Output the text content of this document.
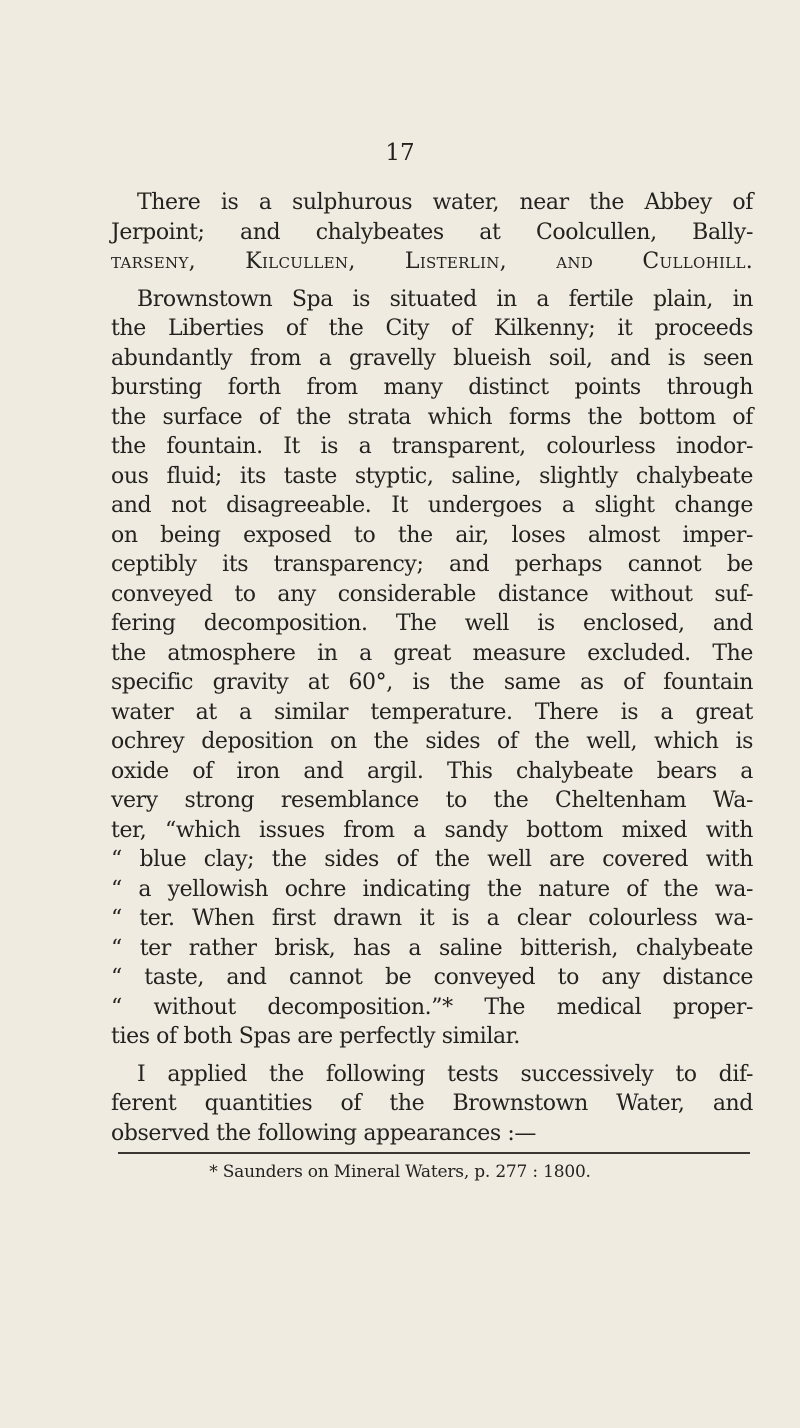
17
There is a sulphurous water, near the Abbey of
Jerpoint; and chalybeates at Coolcullen, Bally-
tarseny, Kilcullen, Listerlin, and Cullohill.
Brownstown Spa is situated in a fertile plain, in
the Liberties of the City of Kilkenny; it proceeds
abundantly from a gravelly blueish soil, and is seen
bursting forth from many distinct points through
the surface of the strata which forms the bottom of
the fountain. It is a transparent, colourless inodor-
ous fluid; its taste styptic, saline, slightly chalybeate
and not disagreeable. It undergoes a slight change
on being exposed to the air, loses almost imper-
ceptibly its transparency; and perhaps cannot be
conveyed to any considerable distance without suf-
fering decomposition. The well is enclosed, and
the atmosphere in a great measure excluded. The
specific gravity at 60°, is the same as of fountain
water at a similar temperature. There is a great
ochrey deposition on the sides of the well, which is
oxide of iron and argil. This chalybeate bears a
very strong resemblance to the Cheltenham Wa-
ter, “which issues from a sandy bottom mixed with
“ blue clay; the sides of the well are covered with
“ a yellowish ochre indicating the nature of the wa-
“ ter. When first drawn it is a clear colourless wa-
“ ter rather brisk, has a saline bitterish, chalybeate
“ taste, and cannot be conveyed to any distance
“ without decomposition.”* The medical proper-
ties of both Spas are perfectly similar.
I applied the following tests successively to dif-
ferent quantities of the Brownstown Water, and
observed the following appearances :—
* Saunders on Mineral Waters, p. 277 : 1800.
